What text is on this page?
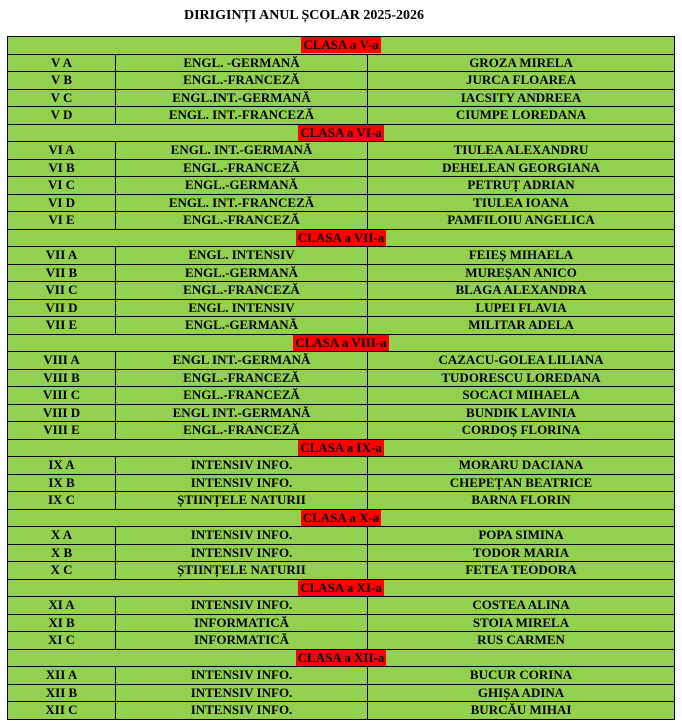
DIRIGINȚI ANUL ȘCOLAR 2025-2026
CLASA a V-a		
V A	ENGL. -GERMANĂ	GROZA MIRELA
V B	ENGL.-FRANCEZĂ	JURCA FLOAREA
V C	ENGL.INT.-GERMANĂ	IACSITY ANDREEA
V D	ENGL. INT.-FRANCEZĂ	CIUMPE LOREDANA
CLASA a VI-a		
VI A	ENGL. INT.-GERMANĂ	TIULEA ALEXANDRU
VI B	ENGL.-FRANCEZĂ	DEHELEAN GEORGIANA
VI C	ENGL.-GERMANĂ	PETRUȚ ADRIAN
VI D	ENGL. INT.-FRANCEZĂ	TIULEA IOANA
VI E	ENGL.-FRANCEZĂ	PAMFILOIU ANGELICA
CLASA a VII-a		
VII A	ENGL. INTENSIV	FEIEȘ MIHAELA
VII B	ENGL.-GERMANĂ	MUREȘAN ANICO
VII C	ENGL.-FRANCEZĂ	BLAGA ALEXANDRA
VII D	ENGL. INTENSIV	LUPEI FLAVIA
VII E	ENGL.-GERMANĂ	MILITAR ADELA
CLASA a VIII-a		
VIII A	ENGL INT.-GERMANĂ	CAZACU-GOLEA LILIANA
VIII B	ENGL.-FRANCEZĂ	TUDORESCU LOREDANA
VIII C	ENGL.-FRANCEZĂ	SOCACI MIHAELA
VIII D	ENGL INT.-GERMANĂ	BUNDIK LAVINIA
VIII E	ENGL.-FRANCEZĂ	CORDOȘ FLORINA
CLASA a IX-a		
IX A	INTENSIV INFO.	MORARU DACIANA
IX B	INTENSIV INFO.	CHEPEȚAN BEATRICE
IX C	ȘTIINȚELE NATURII	BARNA FLORIN
CLASA a X-a		
X A	INTENSIV INFO.	POPA SIMINA
X B	INTENSIV INFO.	TODOR MARIA
X C	ȘTIINȚELE NATURII	FETEA TEODORA
CLASA a XI-a		
XI A	INTENSIV INFO.	COSTEA ALINA
XI B	INFORMATICĂ	STOIA MIRELA
XI C	INFORMATICĂ	RUS CARMEN
CLASA a XII-a		
XII A	INTENSIV INFO.	BUCUR CORINA
XII B	INTENSIV INFO.	GHIȘA ADINA
XII C	INTENSIV INFO.	BURCĂU MIHAI
